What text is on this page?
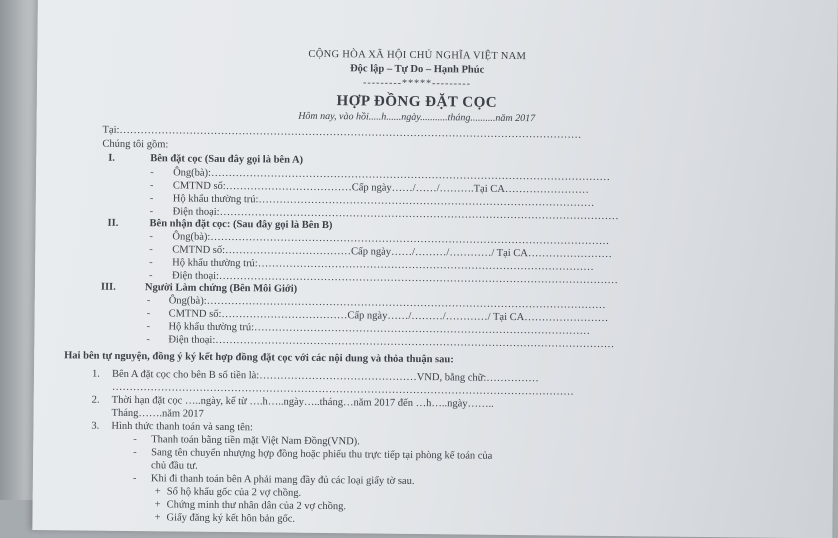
CỘNG HÒA XÃ HỘI CHỦ NGHĨA VIỆT NAM
Độc lập – Tự Do – Hạnh Phúc
---------*****---------
HỢP ĐỒNG ĐẶT CỌC
Hôm nay, vào hồi.....h......ngày...........tháng..........năm 2017
Tại:……………………………………………………………………………………………………………………
Chúng tôi gồm:
I.	Bên đặt cọc (Sau đây gọi là bên A)
- Ông(bà):……………………………………………………………………………………………………
- CMTND số:………………………………Cấp ngày……/……/……….Tại CA……………………
- Hộ khẩu thường trú:……………………………………………………………………………………
- Điện thoại:……………………………………………………………………………………………………
II.	Bên nhận đặt cọc: (Sau đây gọi là Bên B)
- Ông(bà):……………………………………………………………………………………………………
- CMTND số:………………………………Cấp ngày……/………/…………/ Tại CA……………………
- Hộ khẩu thường trú:……………………………………………………………………………………
- Điện thoại:……………………………………………………………………………………………………
III.	Người Làm chứng (Bên Môi Giới)
- Ông(bà):……………………………………………………………………………………………………
- CMTND số:………………………………Cấp ngày……/………/…………/ Tại CA……………………
- Hộ khẩu thường trú:……………………………………………………………………………………
- Điện thoại:……………………………………………………………………………………………………
Hai bên tự nguyện, đồng ý ký kết hợp đồng đặt cọc với các nội dung và thỏa thuận sau:
1. Bên A đặt cọc cho bên B số tiền là:………………………………………VND, bằng chữ:……………
……………………………………………………………………………………………………………………
2. Thời hạn đặt cọc …..ngày, kể từ ….h…..ngày…..tháng…năm 2017 đến …h…..ngày……..
Tháng…….năm 2017
3. Hình thức thanh toán và sang tên:
- Thanh toán bằng tiền mặt Việt Nam Đồng(VND).
- Sang tên chuyển nhượng hợp đồng hoặc phiếu thu trực tiếp tại phòng kế toán của
chủ đầu tư.
- Khi đi thanh toán bên A phải mang đầy đủ các loại giấy tờ sau.
+ Sổ hộ khẩu gốc của 2 vợ chồng.
+ Chứng minh thư nhân dân của 2 vợ chồng.
+ Giấy đăng ký kết hôn bản gốc.
